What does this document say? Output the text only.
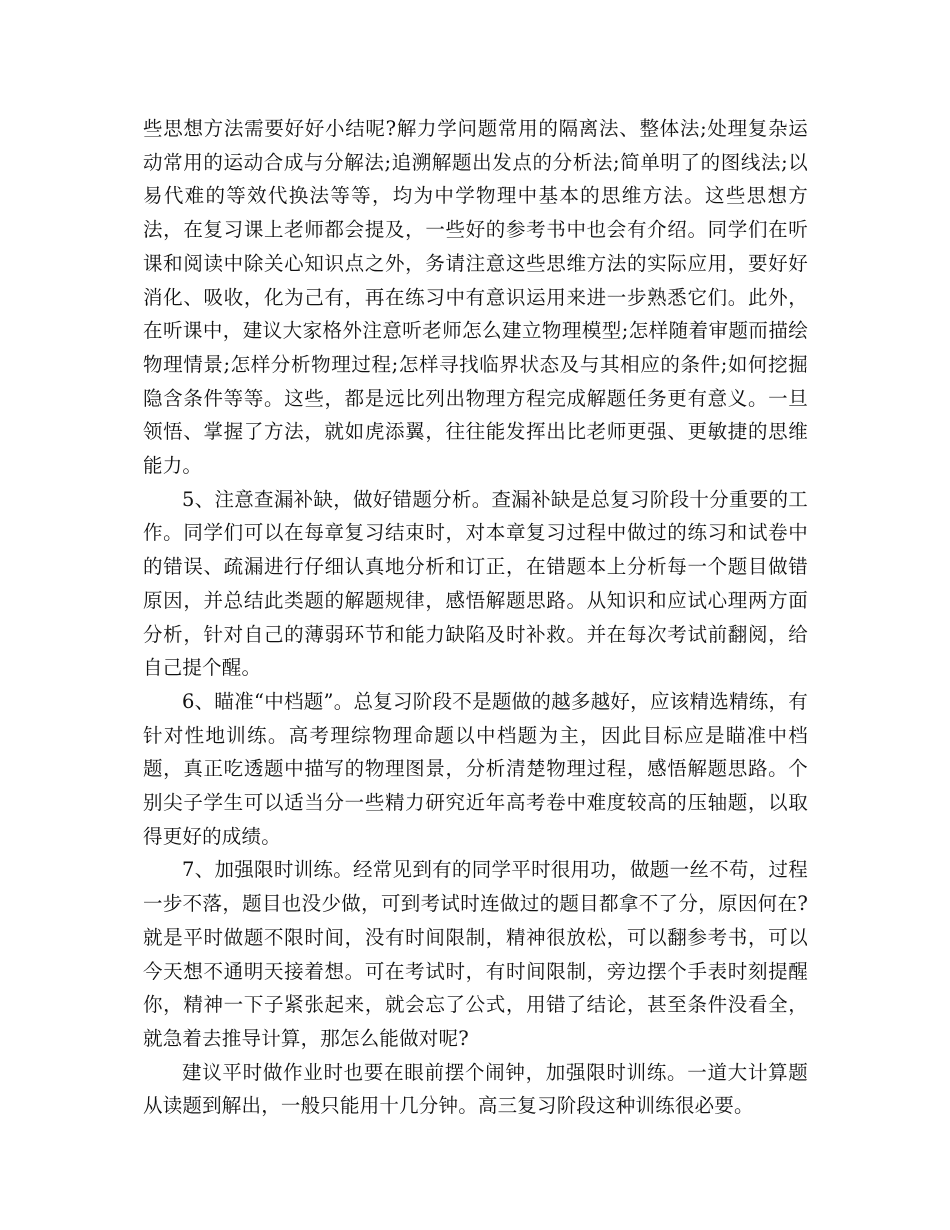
些思想方法需要好好小结呢?解力学问题常用的隔离法、整体法;处理复杂运动常用的运动合成与分解法;追溯解题出发点的分析法;简单明了的图线法;以易代难的等效代换法等等，均为中学物理中基本的思维方法。这些思想方法，在复习课上老师都会提及，一些好的参考书中也会有介绍。同学们在听课和阅读中除关心知识点之外，务请注意这些思维方法的实际应用，要好好消化、吸收，化为己有，再在练习中有意识运用来进一步熟悉它们。此外，在听课中，建议大家格外注意听老师怎么建立物理模型;怎样随着审题而描绘物理情景;怎样分析物理过程;怎样寻找临界状态及与其相应的条件;如何挖掘隐含条件等等。这些，都是远比列出物理方程完成解题任务更有意义。一旦领悟、掌握了方法，就如虎添翼，往往能发挥出比老师更强、更敏捷的思维能力。

5、注意查漏补缺，做好错题分析。查漏补缺是总复习阶段十分重要的工作。同学们可以在每章复习结束时，对本章复习过程中做过的练习和试卷中的错误、疏漏进行仔细认真地分析和订正，在错题本上分析每一个题目做错原因，并总结此类题的解题规律，感悟解题思路。从知识和应试心理两方面分析，针对自己的薄弱环节和能力缺陷及时补救。并在每次考试前翻阅，给自己提个醒。

6、瞄准“中档题”。总复习阶段不是题做的越多越好，应该精选精练，有针对性地训练。高考理综物理命题以中档题为主，因此目标应是瞄准中档题，真正吃透题中描写的物理图景，分析清楚物理过程，感悟解题思路。个别尖子学生可以适当分一些精力研究近年高考卷中难度较高的压轴题，以取得更好的成绩。

7、加强限时训练。经常见到有的同学平时很用功，做题一丝不苟，过程一步不落，题目也没少做，可到考试时连做过的题目都拿不了分，原因何在?就是平时做题不限时间，没有时间限制，精神很放松，可以翻参考书，可以今天想不通明天接着想。可在考试时，有时间限制，旁边摆个手表时刻提醒你，精神一下子紧张起来，就会忘了公式，用错了结论，甚至条件没看全，就急着去推导计算，那怎么能做对呢?

建议平时做作业时也要在眼前摆个闹钟，加强限时训练。一道大计算题从读题到解出，一般只能用十几分钟。高三复习阶段这种训练很必要。
